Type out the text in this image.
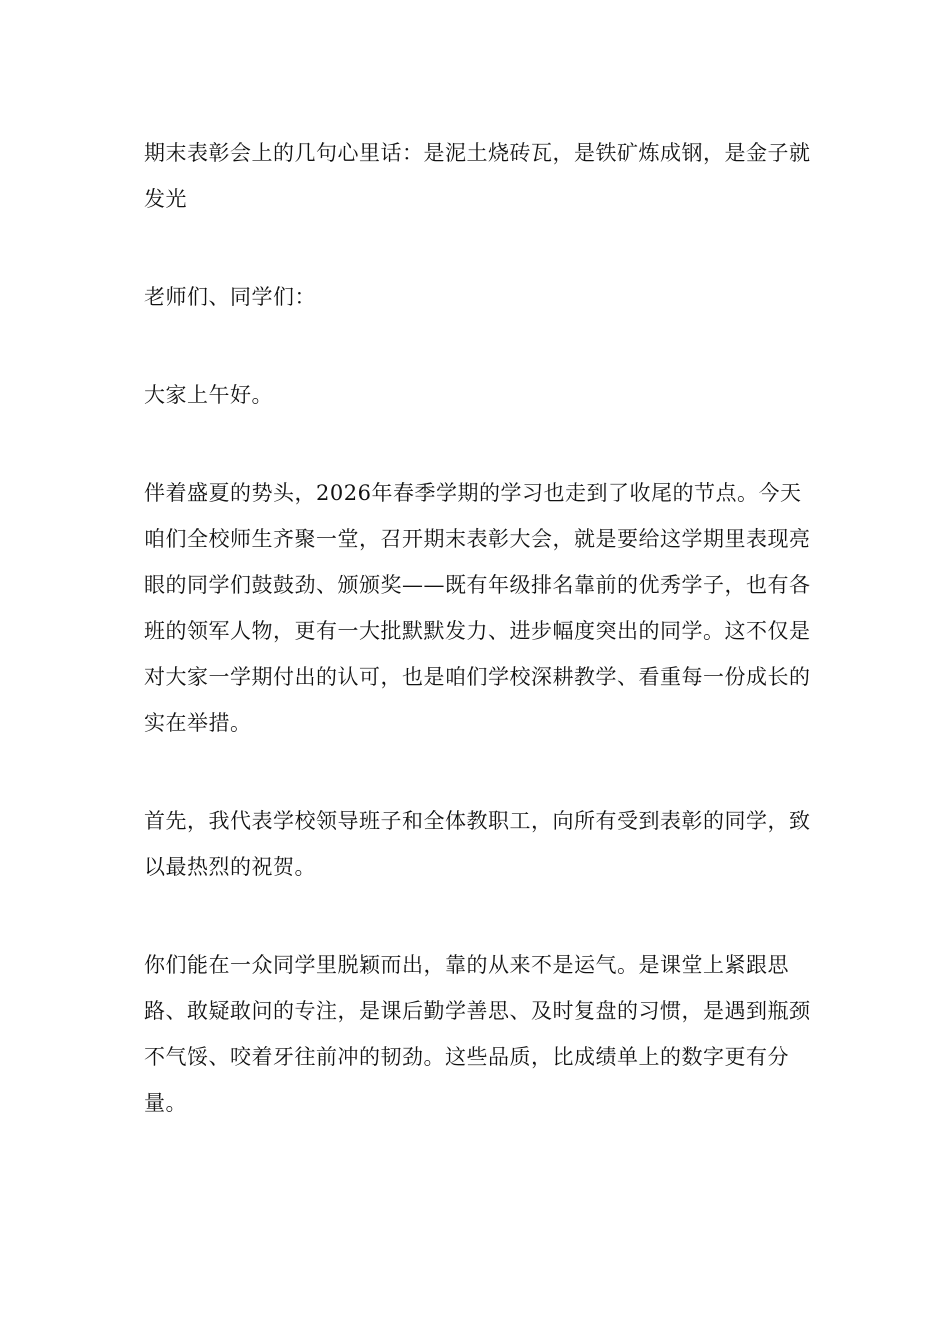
期末表彰会上的几句心里话：是泥土烧砖瓦，是铁矿炼成钢，是金子就发光

老师们、同学们：

大家上午好。

伴着盛夏的势头，2026年春季学期的学习也走到了收尾的节点。今天咱们全校师生齐聚一堂，召开期末表彰大会，就是要给这学期里表现亮眼的同学们鼓鼓劲、颁颁奖——既有年级排名靠前的优秀学子，也有各班的领军人物，更有一大批默默发力、进步幅度突出的同学。这不仅是对大家一学期付出的认可，也是咱们学校深耕教学、看重每一份成长的实在举措。

首先，我代表学校领导班子和全体教职工，向所有受到表彰的同学，致以最热烈的祝贺。

你们能在一众同学里脱颖而出，靠的从来不是运气。是课堂上紧跟思路、敢疑敢问的专注，是课后勤学善思、及时复盘的习惯，是遇到瓶颈不气馁、咬着牙往前冲的韧劲。这些品质，比成绩单上的数字更有分量。
